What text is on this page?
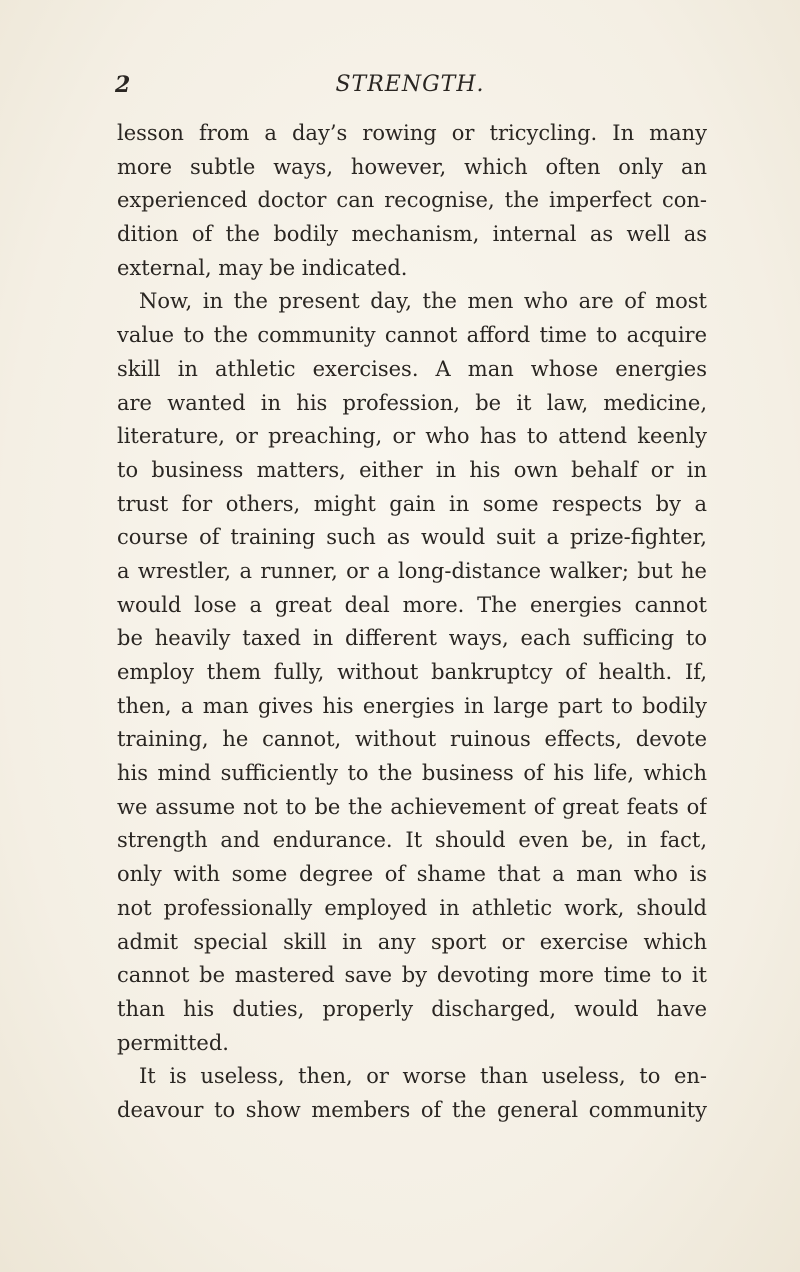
2	STRENGTH.
lesson from a day’s rowing or tricycling. In many
more subtle ways, however, which often only an
experienced doctor can recognise, the imperfect con-
dition of the bodily mechanism, internal as well as
external, may be indicated.
Now, in the present day, the men who are of most
value to the community cannot afford time to acquire
skill in athletic exercises. A man whose energies
are wanted in his profession, be it law, medicine,
literature, or preaching, or who has to attend keenly
to business matters, either in his own behalf or in
trust for others, might gain in some respects by a
course of training such as would suit a prize-fighter,
a wrestler, a runner, or a long-distance walker; but he
would lose a great deal more. The energies cannot
be heavily taxed in different ways, each sufficing to
employ them fully, without bankruptcy of health. If,
then, a man gives his energies in large part to bodily
training, he cannot, without ruinous effects, devote
his mind sufficiently to the business of his life, which
we assume not to be the achievement of great feats of
strength and endurance. It should even be, in fact,
only with some degree of shame that a man who is
not professionally employed in athletic work, should
admit special skill in any sport or exercise which
cannot be mastered save by devoting more time to it
than his duties, properly discharged, would have
permitted.
It is useless, then, or worse than useless, to en-
deavour to show members of the general community
